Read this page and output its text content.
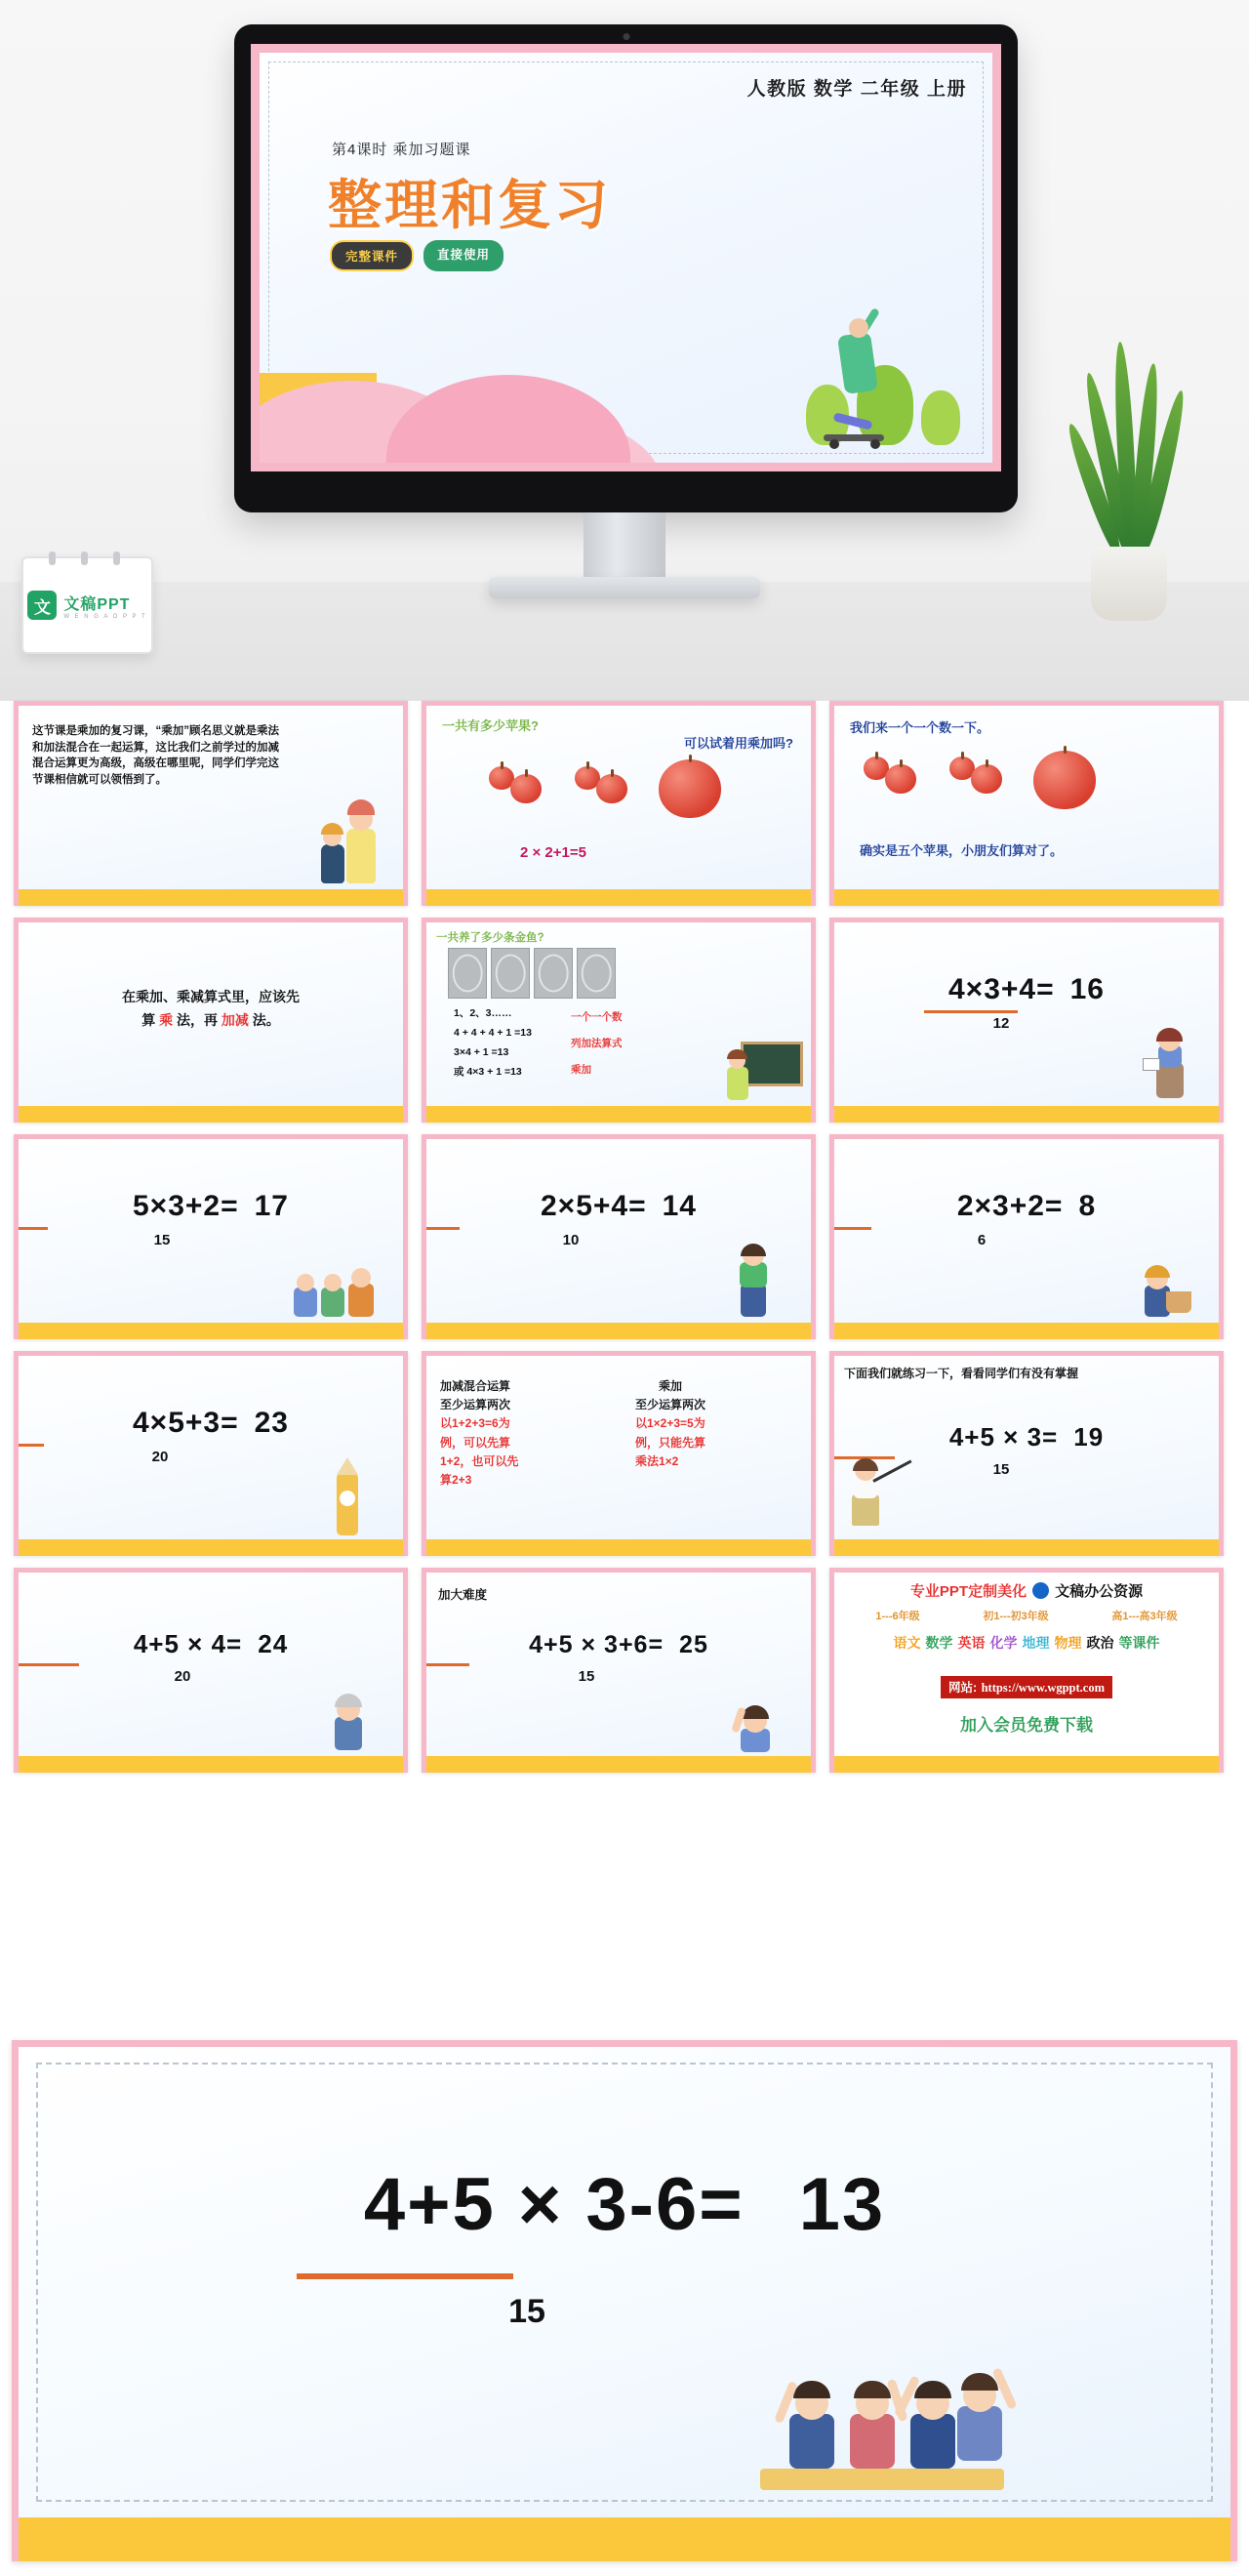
人教版 数学 二年级 上册
第4课时 乘加习题课
整理和复习
完整课件	直接使用
文 文稿PPT
W E N G A O P P T
这节课是乘加的复习课，“乘加”顾名思义就是乘法
和加法混合在一起运算，这比我们之前学过的加减
混合运算更为高级，高级在哪里呢，同学们学完这
节课相信就可以领悟到了。
一共有多少苹果?
可以试着用乘加吗?
2 × 2+1=5
我们来一个一个数一下。
确实是五个苹果，小朋友们算对了。
在乘加、乘减算式里，应该先
算 乘 法，再 加减 法。
一共养了多少条金鱼?
1、2、3……
4 + 4 + 4 + 1 =13
3×4 + 1 =13
或 4×3 + 1 =13
一个一个数
列加法算式
乘加
4×3+4= 16
12
5×3+2= 17
15
2×5+4= 14
10
2×3+2= 8
6
4×5+3= 23
20
加减混合运算
至少运算两次
以1+2+3=6为
例，可以先算
1+2，也可以先
算2+3
乘加
至少运算两次
以1×2+3=5为
例，只能先算
乘法1×2
下面我们就练习一下，看看同学们有没有掌握
4+5 × 3= 19
15
4+5 × 4= 24
20
加大难度
4+5 × 3+6= 25
15
专业PPT定制美化 文稿办公资源
1---6年级	初1---初3年级	高1---高3年级
语文 数学 英语 化学 地理 物理 政治 等课件
网站: https://www.wgppt.com
加入会员免费下载
4+5 × 3-6= 13
15
